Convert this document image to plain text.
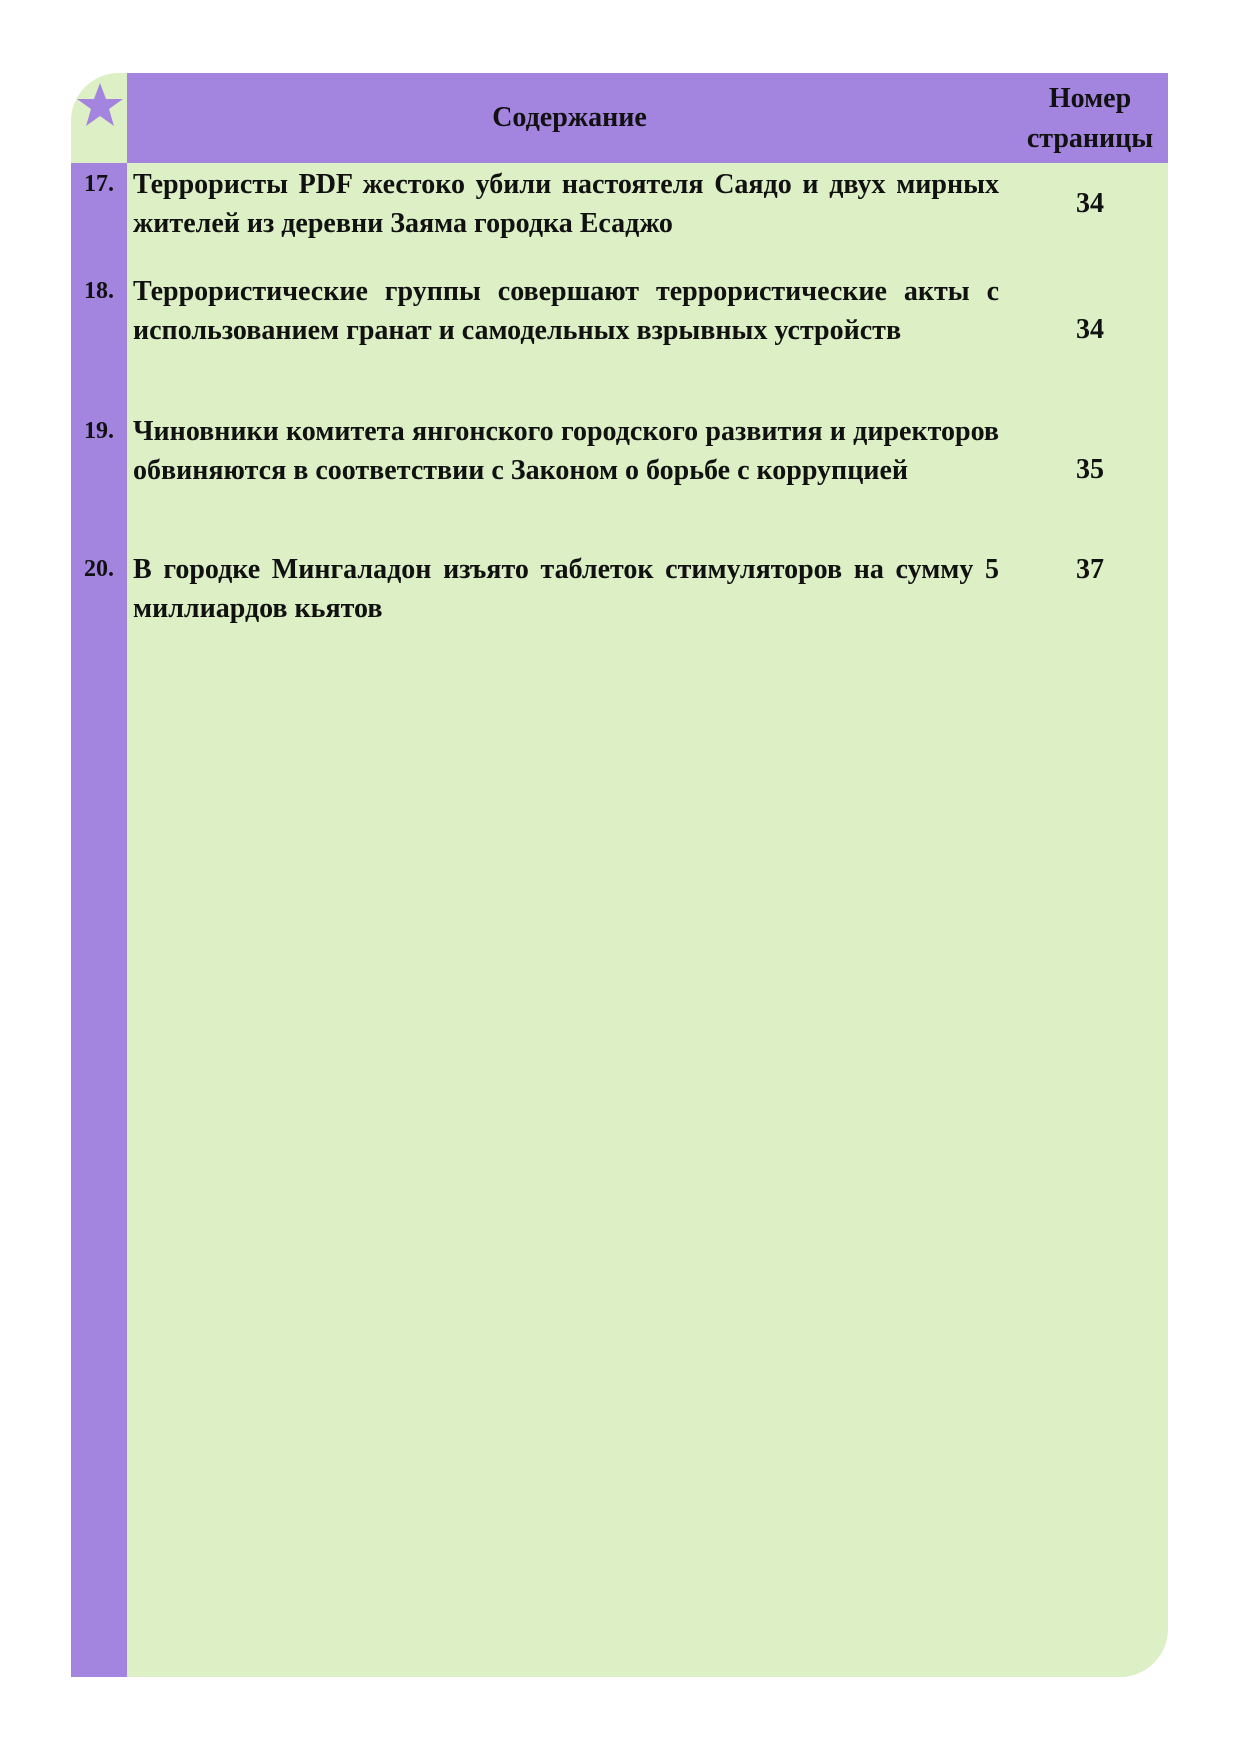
Содержание
Номер
страницы
17. Террористы PDF жестоко убили настоятеля Саядо и двух мирных жителей из деревни Заяма городка Есаджо
34
18. Террористические группы совершают террористические акты с использованием гранат и самодельных взрывных устройств	34
19. Чиновники комитета янгонского городского развития и директоров обвиняются в соответствии с Законом о борьбе с коррупцией	35
20. В городке Мингаладон изъято таблеток стимуляторов на сумму 5 миллиардов кьятов
37
